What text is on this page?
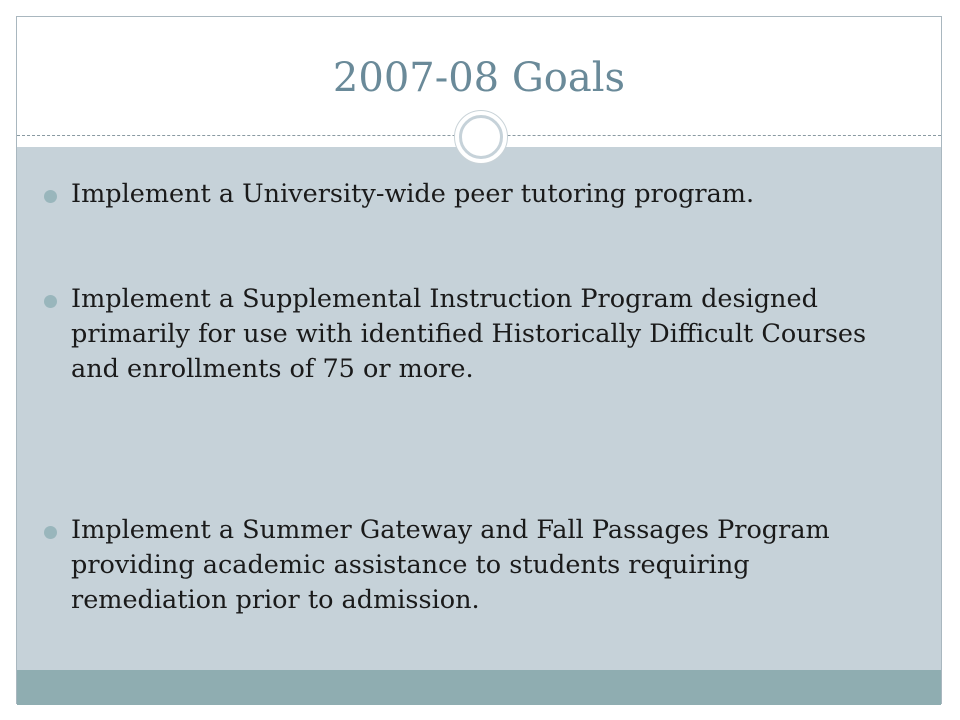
2007-08 Goals
Implement a University-wide peer tutoring program.
Implement a Supplemental Instruction Program designed primarily for use with identified Historically Difficult Courses and enrollments of 75 or more.
Implement a Summer Gateway and Fall Passages Program providing academic assistance to students requiring remediation prior to admission.
